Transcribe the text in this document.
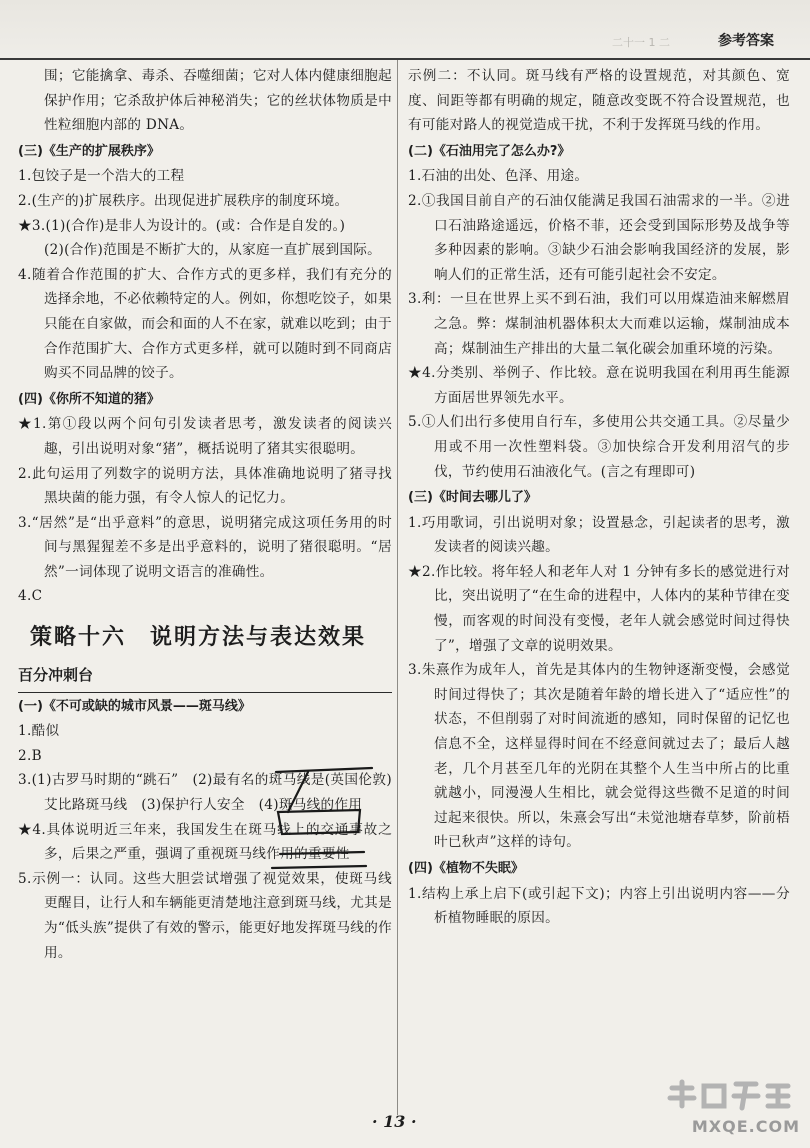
二十一 1 二	参考答案

围；它能擒拿、毒杀、吞噬细菌；它对人体内健康细胞起保护作用；它杀敌护体后神秘消失；它的丝状体物质是中性粒细胞内部的 DNA。

(三)《生产的扩展秩序》

1.包饺子是一个浩大的工程

2.(生产的)扩展秩序。出现促进扩展秩序的制度环境。

★3.(1)(合作)是非人为设计的。(或：合作是自发的。)

(2)(合作)范围是不断扩大的，从家庭一直扩展到国际。

4.随着合作范围的扩大、合作方式的更多样，我们有充分的选择余地，不必依赖特定的人。例如，你想吃饺子，如果只能在自家做，而会和面的人不在家，就难以吃到；由于合作范围扩大、合作方式更多样，就可以随时到不同商店购买不同品牌的饺子。

(四)《你所不知道的猪》

★1.第①段以两个问句引发读者思考，激发读者的阅读兴趣，引出说明对象“猪”，概括说明了猪其实很聪明。

2.此句运用了列数字的说明方法，具体准确地说明了猪寻找黑块菌的能力强，有令人惊人的记忆力。

3.“居然”是“出乎意料”的意思，说明猪完成这项任务用的时间与黑猩猩差不多是出乎意料的，说明了猪很聪明。“居然”一词体现了说明文语言的准确性。

4.C

策略十六　说明方法与表达效果

百分冲刺台

(一)《不可或缺的城市风景——斑马线》

1.酷似

2.B

3.(1)古罗马时期的“跳石”　(2)最有名的斑马线是(英国伦敦)艾比路斑马线　(3)保护行人安全　(4)斑马线的作用

★4.具体说明近三年来，我国发生在斑马线上的交通事故之多，后果之严重，强调了重视斑马线作用的重要性

5.示例一：认同。这些大胆尝试增强了视觉效果，使斑马线更醒目，让行人和车辆能更清楚地注意到斑马线，尤其是为“低头族”提供了有效的警示，能更好地发挥斑马线的作用。

示例二：不认同。斑马线有严格的设置规范，对其颜色、宽度、间距等都有明确的规定，随意改变既不符合设置规范，也有可能对路人的视觉造成干扰，不利于发挥斑马线的作用。

(二)《石油用完了怎么办?》

1.石油的出处、色泽、用途。

2.①我国目前自产的石油仅能满足我国石油需求的一半。②进口石油路途遥远，价格不菲，还会受到国际形势及战争等多种因素的影响。③缺少石油会影响我国经济的发展，影响人们的正常生活，还有可能引起社会不安定。

3.利：一旦在世界上买不到石油，我们可以用煤造油来解燃眉之急。弊：煤制油机器体积太大而难以运输，煤制油成本高；煤制油生产排出的大量二氧化碳会加重环境的污染。

★4.分类别、举例子、作比较。意在说明我国在利用再生能源方面居世界领先水平。

5.①人们出行多使用自行车，多使用公共交通工具。②尽量少用或不用一次性塑料袋。③加快综合开发利用沼气的步伐，节约使用石油液化气。(言之有理即可)

(三)《时间去哪儿了》

1.巧用歌词，引出说明对象；设置悬念，引起读者的思考，激发读者的阅读兴趣。

★2.作比较。将年轻人和老年人对 1 分钟有多长的感觉进行对比，突出说明了“在生命的进程中，人体内的某种节律在变慢，而客观的时间没有变慢，老年人就会感觉时间过得快了”，增强了文章的说明效果。

3.朱熹作为成年人，首先是其体内的生物钟逐渐变慢，会感觉时间过得快了；其次是随着年龄的增长进入了“适应性”的状态，不但削弱了对时间流逝的感知，同时保留的记忆也信息不全，这样显得时间在不经意间就过去了；最后人越老，几个月甚至几年的光阴在其整个人生当中所占的比重就越小，同漫漫人生相比，就会觉得这些微不足道的时间过起来很快。所以，朱熹会写出“未觉池塘春草梦，阶前梧叶已秋声”这样的诗句。

(四)《植物不失眠》

1.结构上承上启下(或引起下文)；内容上引出说明内容——分析植物睡眠的原因。

· 13 ·	MXQE.COM
